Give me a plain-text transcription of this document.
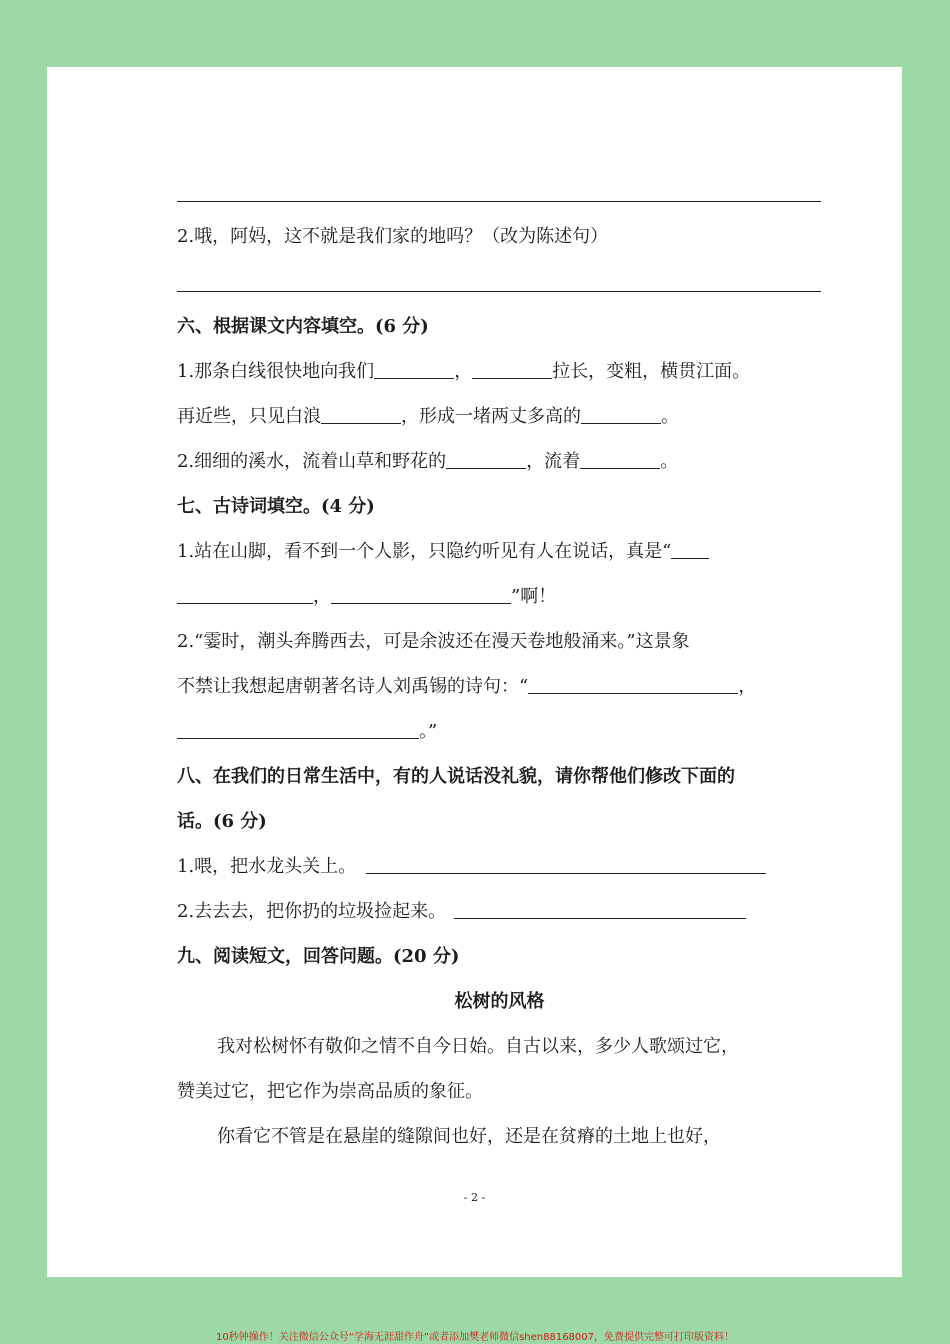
2.哦，阿妈，这不就是我们家的地吗？（改为陈述句）
六、根据课文内容填空。(6 分)
1.那条白线很快地向我们	，	拉长，变粗，横贯江面。
再近些，只见白浪	，形成一堵两丈多高的	。
2.细细的溪水，流着山草和野花的	，流着	。
七、古诗词填空。(4 分)
1.站在山脚，看不到一个人影，只隐约听见有人在说话，真是“
，	”啊！
2.“霎时，潮头奔腾西去，可是余波还在漫天卷地般涌来。”这景象
不禁让我想起唐朝著名诗人刘禹锡的诗句：“	，
。”
八、在我们的日常生活中，有的人说话没礼貌，请你帮他们修改下面的
话。(6 分)
1.喂，把水龙头关上。
2.去去去，把你扔的垃圾捡起来。
九、阅读短文，回答问题。(20 分)
松树的风格
我对松树怀有敬仰之情不自今日始。自古以来，多少人歌颂过它，
赞美过它，把它作为崇高品质的象征。
你看它不管是在悬崖的缝隙间也好，还是在贫瘠的土地上也好，
- 2 -
10秒钟操作！关注微信公众号“学海无涯甜作舟”或者添加樊老师微信shen88168007，免费提供完整可打印版资料！
